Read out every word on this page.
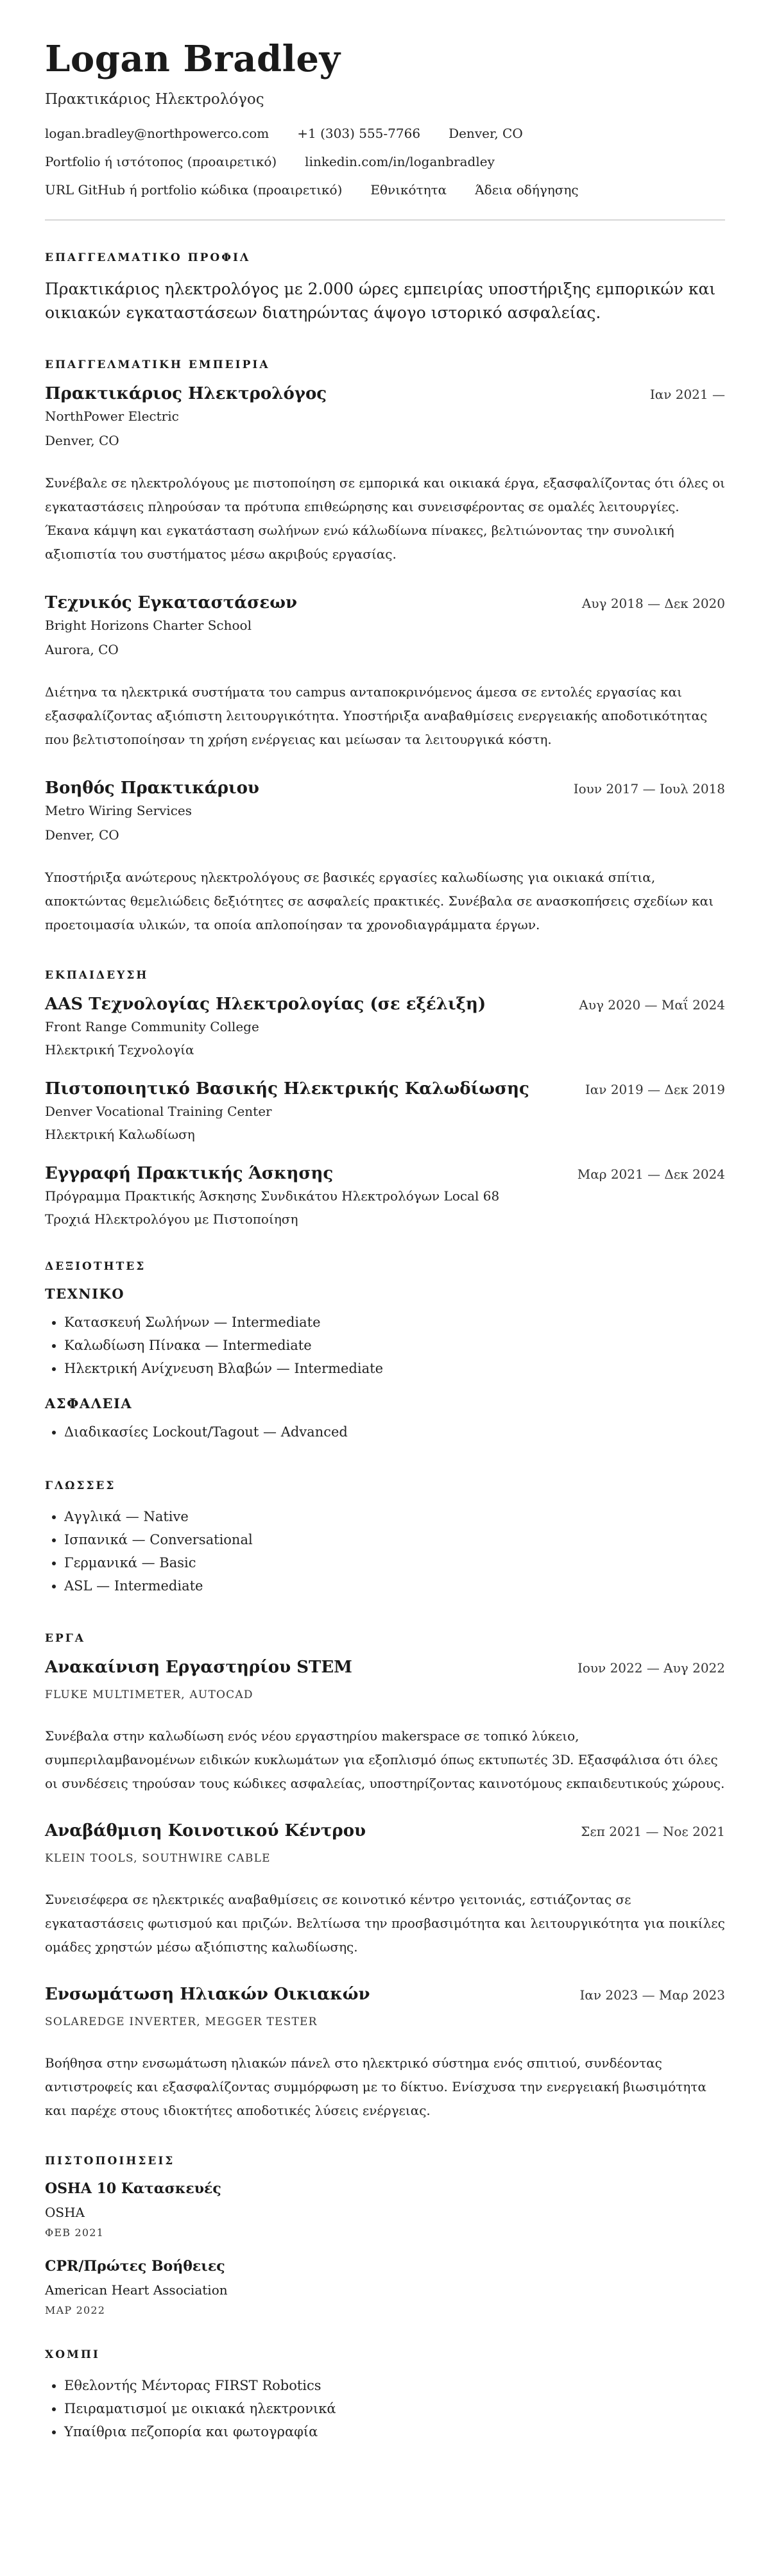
Logan Bradley
Πρακτικάριος Ηλεκτρολόγος
logan.bradley@northpowerco.com +1 (303) 555-7766 Denver, CO
Portfolio ή ιστότοπος (προαιρετικό) linkedin.com/in/loganbradley
URL GitHub ή portfolio κώδικα (προαιρετικό) Εθνικότητα Άδεια οδήγησης
ΕΠΑΓΓΕΛΜΑΤΙΚΟ ΠΡΟΦΙΛ
Πρακτικάριος ηλεκτρολόγος με 2.000 ώρες εμπειρίας υποστήριξης εμπορικών και οικιακών εγκαταστάσεων διατηρώντας άψογο ιστορικό ασφαλείας.
ΕΠΑΓΓΕΛΜΑΤΙΚΗ ΕΜΠΕΙΡΙΑ
Πρακτικάριος Ηλεκτρολόγος	Ιαν 2021 —
NorthPower Electric
Denver, CO
Συνέβαλε σε ηλεκτρολόγους με πιστοποίηση σε εμπορικά και οικιακά έργα, εξασφαλίζοντας ότι όλες οι εγκαταστάσεις πληρούσαν τα πρότυπα επιθεώρησης και συνεισφέροντας σε ομαλές λειτουργίες. Έκανα κάμψη και εγκατάσταση σωλήνων ενώ κάλωδίωνα πίνακες, βελτιώνοντας την συνολική αξιοπιστία του συστήματος μέσω ακριβούς εργασίας.
Τεχνικός Εγκαταστάσεων	Αυγ 2018 — Δεκ 2020
Bright Horizons Charter School
Aurora, CO
Διέτηνα τα ηλεκτρικά συστήματα του campus ανταποκρινόμενος άμεσα σε εντολές εργασίας και εξασφαλίζοντας αξιόπιστη λειτουργικότητα. Υποστήριξα αναβαθμίσεις ενεργειακής αποδοτικότητας που βελτιστοποίησαν τη χρήση ενέργειας και μείωσαν τα λειτουργικά κόστη.
Βοηθός Πρακτικάριου	Ιουν 2017 — Ιουλ 2018
Metro Wiring Services
Denver, CO
Υποστήριξα ανώτερους ηλεκτρολόγους σε βασικές εργασίες καλωδίωσης για οικιακά σπίτια, αποκτώντας θεμελιώδεις δεξιότητες σε ασφαλείς πρακτικές. Συνέβαλα σε ανασκοπήσεις σχεδίων και προετοιμασία υλικών, τα οποία απλοποίησαν τα χρονοδιαγράμματα έργων.
ΕΚΠΑΙΔΕΥΣΗ
AAS Τεχνολογίας Ηλεκτρολογίας (σε εξέλιξη)	Αυγ 2020 — Μαΐ 2024
Front Range Community College
Ηλεκτρική Τεχνολογία
Πιστοποιητικό Βασικής Ηλεκτρικής Καλωδίωσης	Ιαν 2019 — Δεκ 2019
Denver Vocational Training Center
Ηλεκτρική Καλωδίωση
Εγγραφή Πρακτικής Άσκησης	Μαρ 2021 — Δεκ 2024
Πρόγραμμα Πρακτικής Άσκησης Συνδικάτου Ηλεκτρολόγων Local 68
Τροχιά Ηλεκτρολόγου με Πιστοποίηση
ΔΕΞΙΟΤΗΤΕΣ
ΤΕΧΝΙΚΟ
• Κατασκευή Σωλήνων — Intermediate
• Καλωδίωση Πίνακα — Intermediate
• Ηλεκτρική Ανίχνευση Βλαβών — Intermediate
ΑΣΦΑΛΕΙΑ
• Διαδικασίες Lockout/Tagout — Advanced
ΓΛΩΣΣΕΣ
• Αγγλικά — Native
• Ισπανικά — Conversational
• Γερμανικά — Basic
• ASL — Intermediate
ΕΡΓΑ
Ανακαίνιση Εργαστηρίου STEM	Ιουν 2022 — Αυγ 2022
FLUKE MULTIMETER, AUTOCAD
Συνέβαλα στην καλωδίωση ενός νέου εργαστηρίου makerspace σε τοπικό λύκειο, συμπεριλαμβανομένων ειδικών κυκλωμάτων για εξοπλισμό όπως εκτυπωτές 3D. Εξασφάλισα ότι όλες οι συνδέσεις τηρούσαν τους κώδικες ασφαλείας, υποστηρίζοντας καινοτόμους εκπαιδευτικούς χώρους.
Αναβάθμιση Κοινοτικού Κέντρου	Σεπ 2021 — Νοε 2021
KLEIN TOOLS, SOUTHWIRE CABLE
Συνεισέφερα σε ηλεκτρικές αναβαθμίσεις σε κοινοτικό κέντρο γειτονιάς, εστιάζοντας σε εγκαταστάσεις φωτισμού και πριζών. Βελτίωσα την προσβασιμότητα και λειτουργικότητα για ποικίλες ομάδες χρηστών μέσω αξιόπιστης καλωδίωσης.
Ενσωμάτωση Ηλιακών Οικιακών	Ιαν 2023 — Μαρ 2023
SOLAREDGE INVERTER, MEGGER TESTER
Βοήθησα στην ενσωμάτωση ηλιακών πάνελ στο ηλεκτρικό σύστημα ενός σπιτιού, συνδέοντας αντιστροφείς και εξασφαλίζοντας συμμόρφωση με το δίκτυο. Ενίσχυσα την ενεργειακή βιωσιμότητα και παρέχε στους ιδιοκτήτες αποδοτικές λύσεις ενέργειας.
ΠΙΣΤΟΠΟΙΗΣΕΙΣ
OSHA 10 Κατασκευές
OSHA
ΦΕΒ 2021
CPR/Πρώτες Βοήθειες
American Heart Association
ΜΑΡ 2022
ΧΟΜΠΙ
• Εθελοντής Μέντορας FIRST Robotics
• Πειραματισμοί με οικιακά ηλεκτρονικά
• Υπαίθρια πεζοπορία και φωτογραφία
